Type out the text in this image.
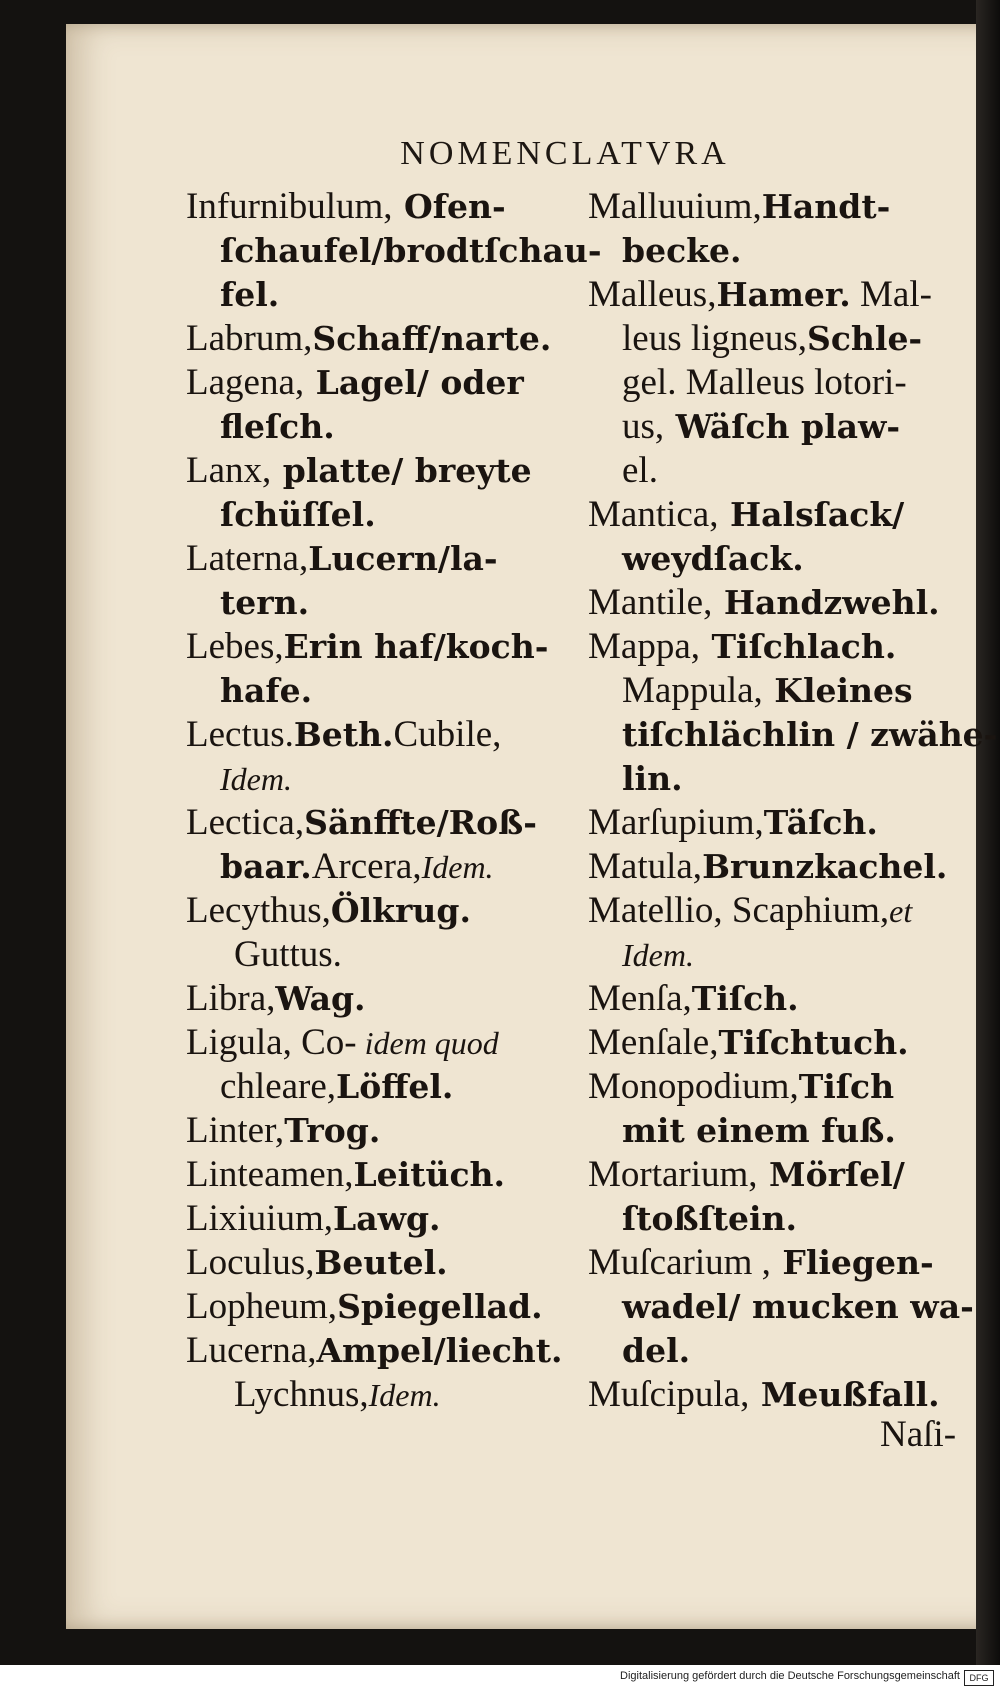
NOMENCLATVRA
Infurnibulum, Ofen-
ſchaufel/brodtſchau-
fel.
Labrum,Schaff/narte.
Lagena, Lagel/ oder
fleſch.
Lanx, platte/ breyte
ſchüſſel.
Laterna,Lucern/la-
tern.
Lebes,Erin haf/koch-
hafe.
Lectus.Beth.Cubile,
Idem.
Lectica,Sänffte/Roß-
baar.Arcera,Idem.
Lecythus,Ölkrug.
Guttus.
Libra,Wag.
Ligula, Co- idem quod
chleare,Löffel.
Linter,Trog.
Linteamen,Leitüch.
Lixiuium,Lawg.
Loculus,Beutel.
Lopheum,Spiegellad.
Lucerna,Ampel/liecht.
Lychnus,Idem.
Malluuium,Handt-
becke.
Malleus,Hamer. Mal-
leus ligneus,Schle-
gel. Malleus lotori-
us, Wäſch plaw-
el.
Mantica, Halsſack/
weydſack.
Mantile, Handzwehl.
Mappa, Tiſchlach.
Mappula, Kleines
tiſchlächlin / zwähe-
lin.
Marſupium,Täſch.
Matula,Brunzkachel.
Matellio, Scaphium,et
Idem.
Menſa,Tiſch.
Menſale,Tiſchtuch.
Monopodium,Tiſch
mit einem fuß.
Mortarium, Mörſel/
ſtoßſtein.
Muſcarium , Fliegen-
wadel/ mucken wa-
del.
Muſcipula, Meußfall.
Naſi-
Digitalisierung gefördert durch die Deutsche Forschungsgemeinschaft	DFG
